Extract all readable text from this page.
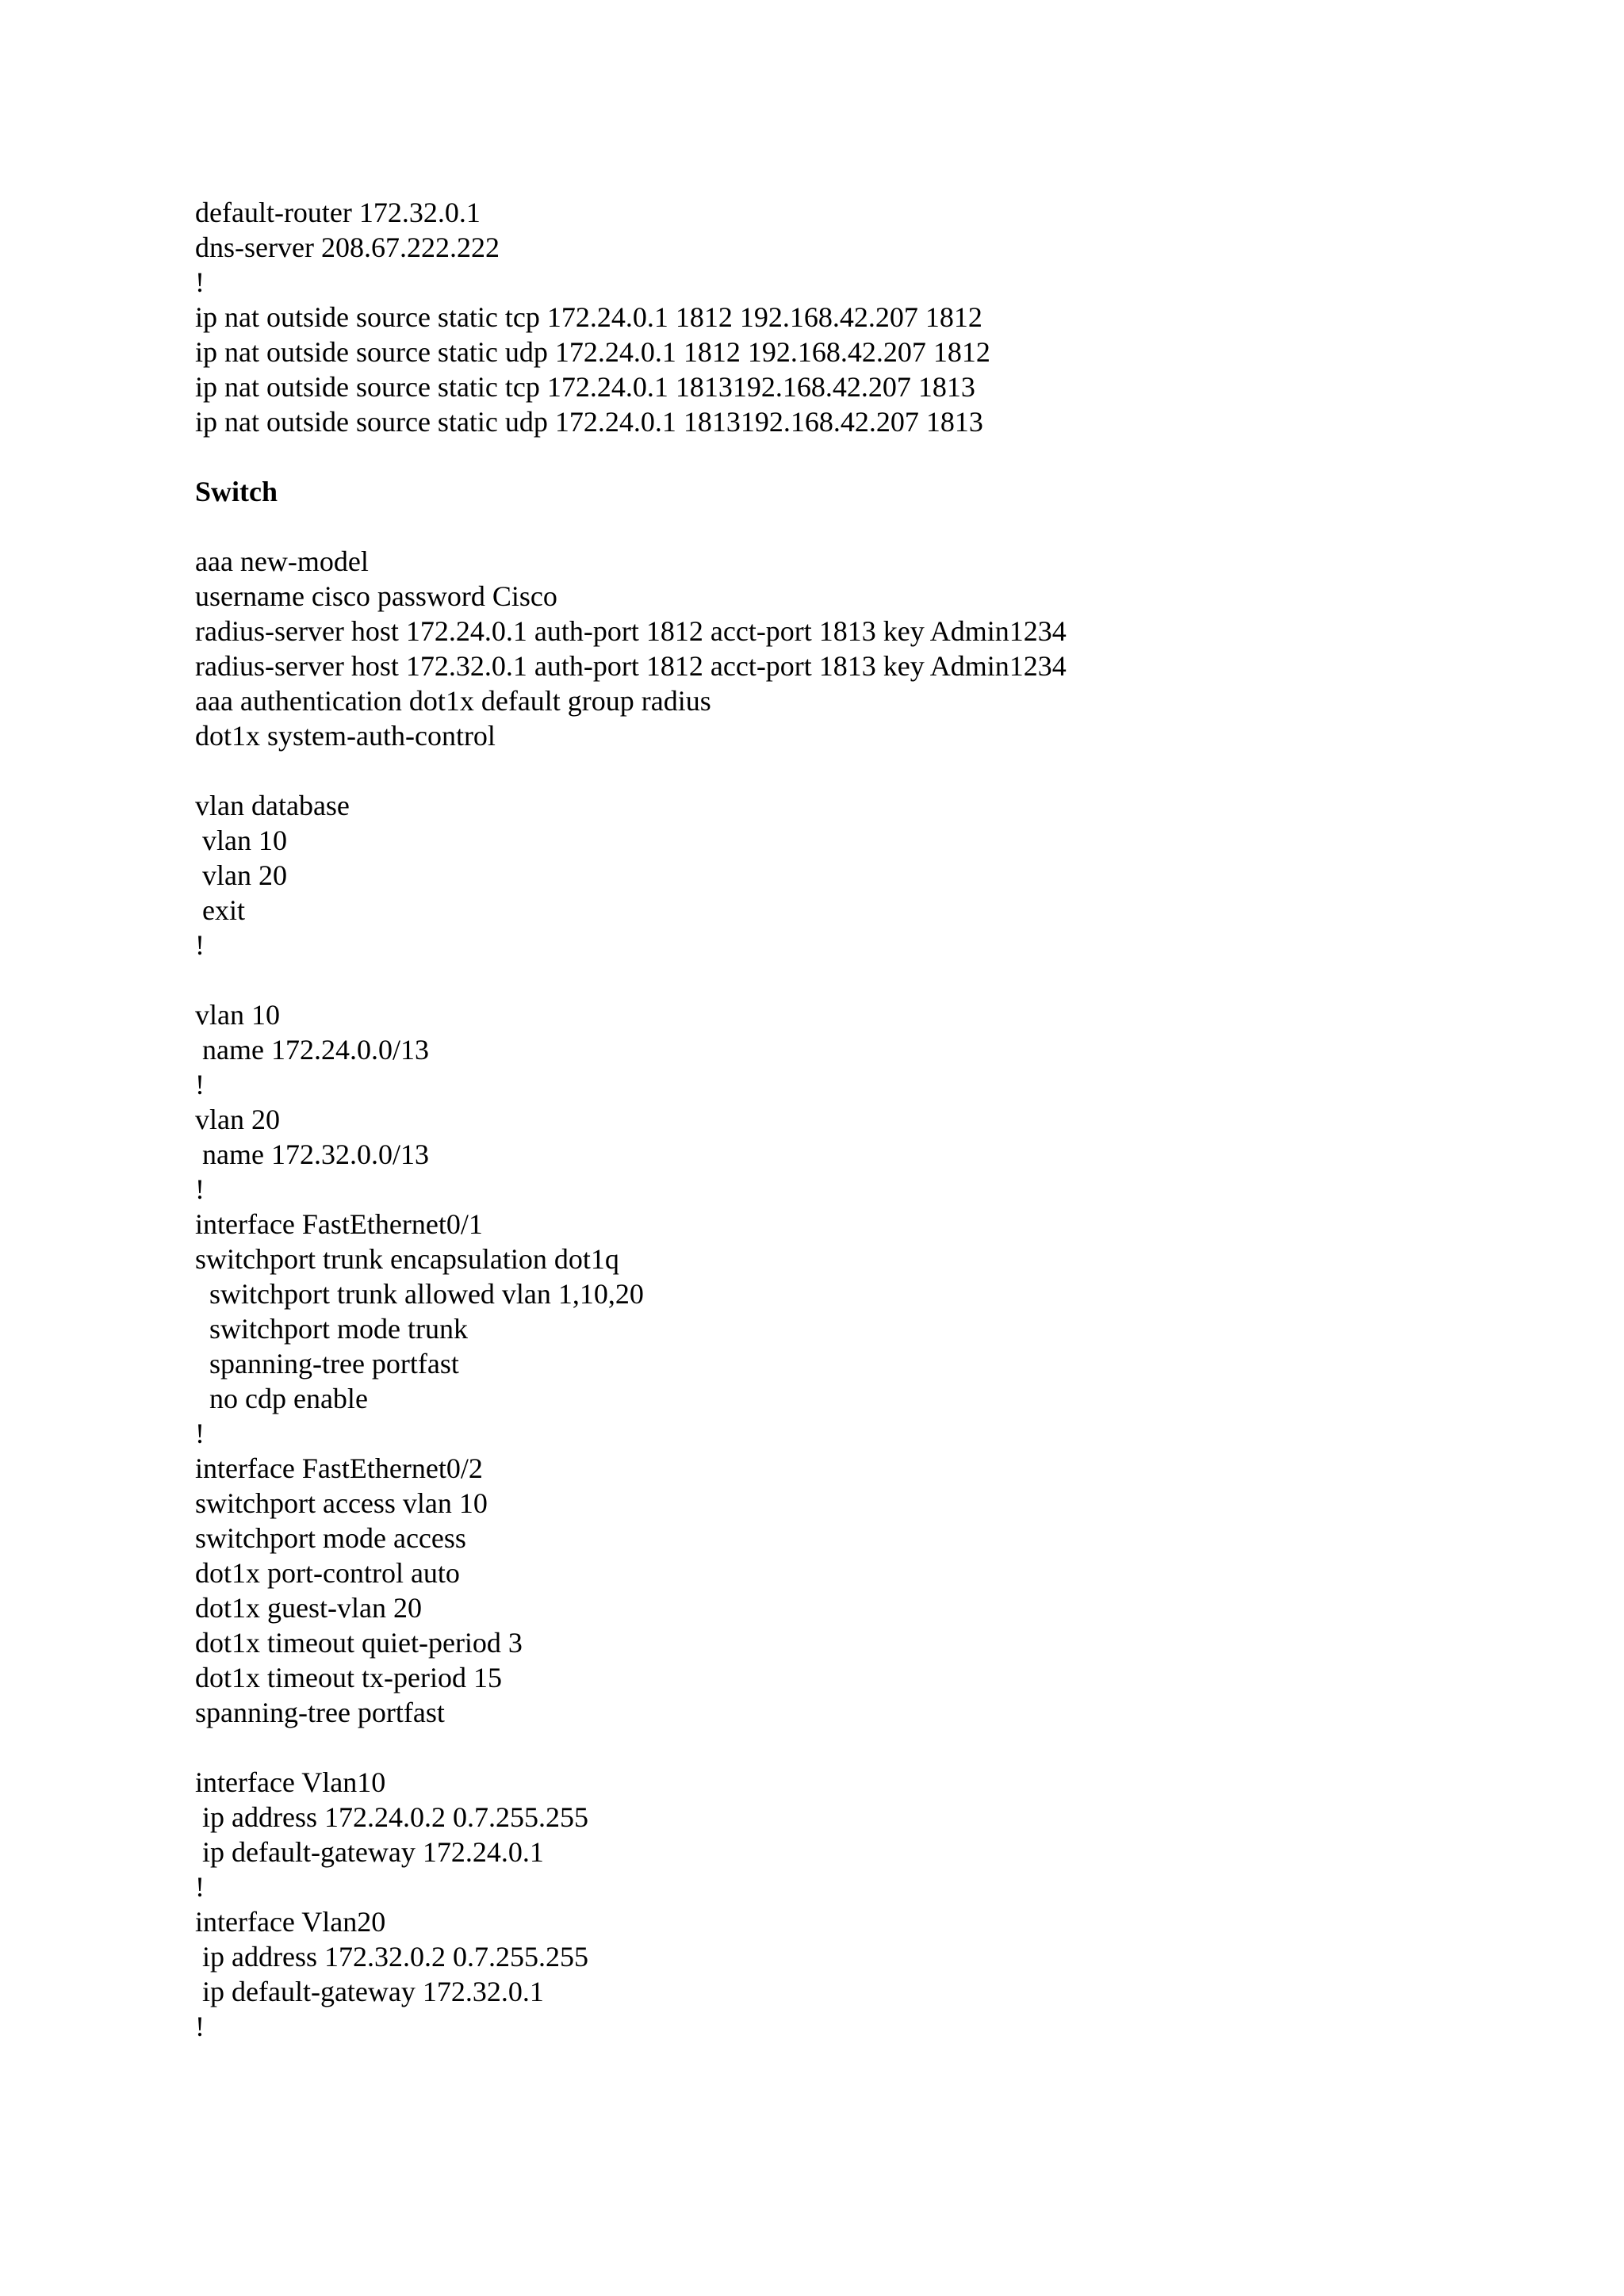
default-router 172.32.0.1
dns-server 208.67.222.222
!
ip nat outside source static tcp 172.24.0.1 1812 192.168.42.207 1812
ip nat outside source static udp 172.24.0.1 1812 192.168.42.207 1812
ip nat outside source static tcp 172.24.0.1 1813192.168.42.207 1813
ip nat outside source static udp 172.24.0.1 1813192.168.42.207 1813
Switch
aaa new-model
username cisco password Cisco
radius-server host 172.24.0.1 auth-port 1812 acct-port 1813 key Admin1234
radius-server host 172.32.0.1 auth-port 1812 acct-port 1813 key Admin1234
aaa authentication dot1x default group radius
dot1x system-auth-control
vlan database
vlan 10
vlan 20
exit
!
vlan 10
name 172.24.0.0/13
!
vlan 20
name 172.32.0.0/13
!
interface FastEthernet0/1
switchport trunk encapsulation dot1q
switchport trunk allowed vlan 1,10,20
switchport mode trunk
spanning-tree portfast
no cdp enable
!
interface FastEthernet0/2
switchport access vlan 10
switchport mode access
dot1x port-control auto
dot1x guest-vlan 20
dot1x timeout quiet-period 3
dot1x timeout tx-period 15
spanning-tree portfast
interface Vlan10
ip address 172.24.0.2 0.7.255.255
ip default-gateway 172.24.0.1
!
interface Vlan20
ip address 172.32.0.2 0.7.255.255
ip default-gateway 172.32.0.1
!
